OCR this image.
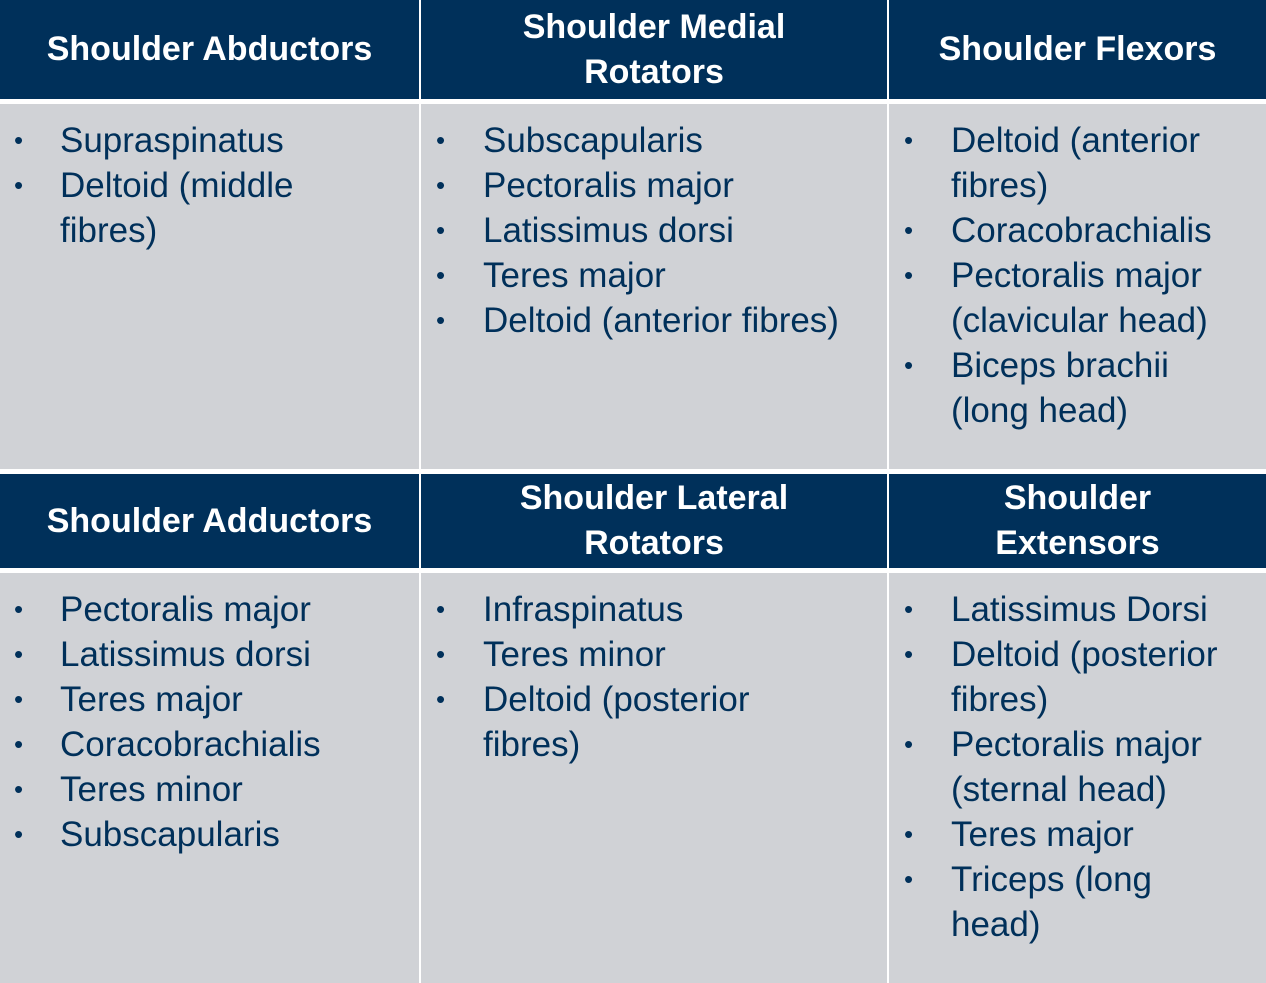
Shoulder Abductors
Shoulder Medial Rotators
Shoulder Flexors
• Supraspinatus
• Deltoid (middle fibres)
• Subscapularis
• Pectoralis major
• Latissimus dorsi
• Teres major
• Deltoid (anterior fibres)
• Deltoid (anterior fibres)
• Coracobrachialis
• Pectoralis major (clavicular head)
• Biceps brachii (long head)
Shoulder Adductors
Shoulder Lateral Rotators
Shoulder Extensors
• Pectoralis major
• Latissimus dorsi
• Teres major
• Coracobrachialis
• Teres minor
• Subscapularis
• Infraspinatus
• Teres minor
• Deltoid (posterior fibres)
• Latissimus Dorsi
• Deltoid (posterior fibres)
• Pectoralis major (sternal head)
• Teres major
• Triceps (long head)
